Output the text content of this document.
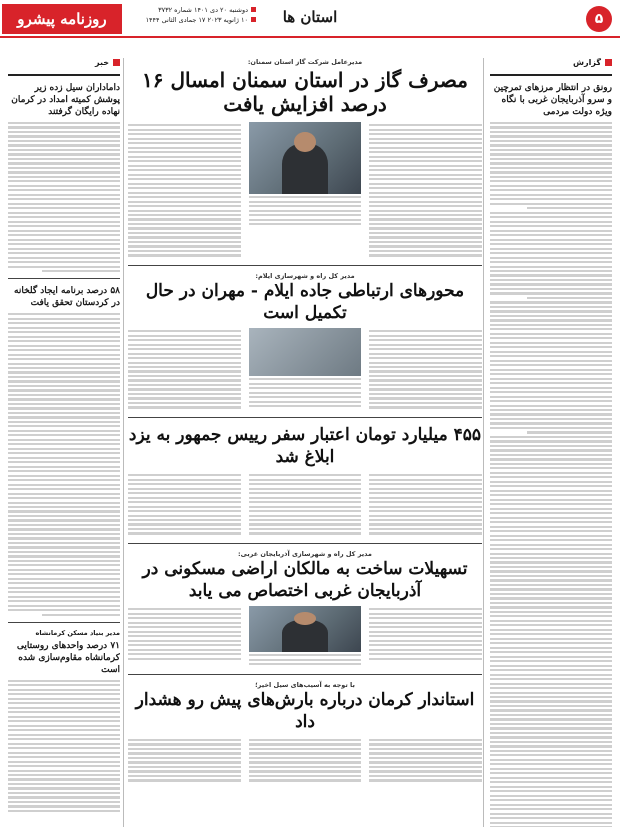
۵
استان ها
دوشنبه ۲۰ دی ۱۴۰۱ شماره ۳۷۳۲
۱۰ ژانویه ۲۰۲۳ ۱۷ جمادی الثانی ۱۴۴۴
روزنامه پیشرو
گزارش
رونق در انتظار مرزهای تمرچین و سرو آذربایجان غربی با نگاه ویژه دولت مردمی
خبر
داماداران سیل زده زیر پوشش کمیته امداد در کرمان نهاده رایگان گرفتند
۵۸ درصد برنامه ایجاد گلخانه در کردستان تحقق یافت
مدیر بنیاد مسکن کرمانشاه
۷۱ درصد واحدهای روستایی کرمانشاه مقاوم‌سازی شده است
مدیرعامل شرکت گاز استان سمنان:
مصرف گاز در استان سمنان امسال ۱۶ درصد افزایش یافت
مدیر کل راه و شهرسازی ایلام:
محورهای ارتباطی جاده ایلام - مهران در حال تکمیل است
۴۵۵ میلیارد تومان اعتبار سفر رییس جمهور به یزد ابلاغ شد
مدیر کل راه و شهرسازی آذربایجان غربی:
تسهیلات ساخت به مالکان اراضی مسکونی در آذربایجان غربی اختصاص می یابد
با توجه به آسیب‌های سیل اخیر؛
استاندار کرمان درباره بارش‌های پیش رو هشدار داد
